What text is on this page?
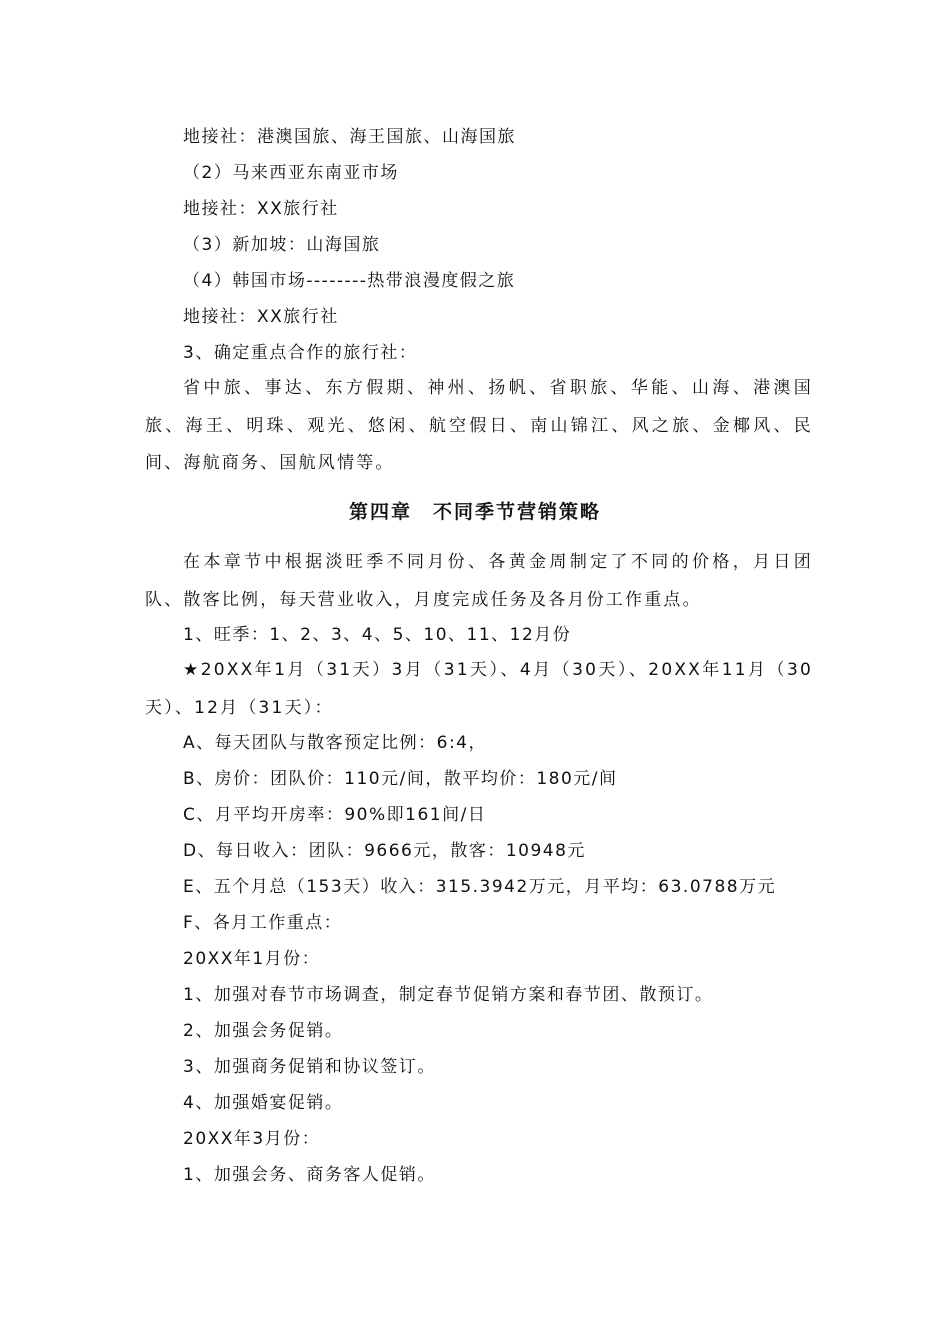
地接社：港澳国旅、海王国旅、山海国旅
（2）马来西亚东南亚市场
地接社：XX旅行社
（3）新加坡：山海国旅
（4）韩国市场--------热带浪漫度假之旅
地接社：XX旅行社
3、确定重点合作的旅行社：

省中旅、事达、东方假期、神州、扬帆、省职旅、华能、山海、港澳国旅、海王、明珠、观光、悠闲、航空假日、南山锦江、风之旅、金椰风、民间、海航商务、国航风情等。

第四章　不同季节营销策略

在本章节中根据淡旺季不同月份、各黄金周制定了不同的价格，月日团队、散客比例，每天营业收入，月度完成任务及各月份工作重点。

1、旺季：1、2、3、4、5、10、11、12月份

★20XX年1月（31天）3月（31天）、4月（30天）、20XX年11月（30天）、12月（31天）：

A、每天团队与散客预定比例：6:4，
B、房价：团队价：110元/间，散平均价：180元/间
C、月平均开房率：90%即161间/日
D、每日收入：团队：9666元，散客：10948元
E、五个月总（153天）收入：315.3942万元，月平均：63.0788万元
F、各月工作重点：
20XX年1月份：
1、加强对春节市场调查，制定春节促销方案和春节团、散预订。
2、加强会务促销。
3、加强商务促销和协议签订。
4、加强婚宴促销。
20XX年3月份：
1、加强会务、商务客人促销。
